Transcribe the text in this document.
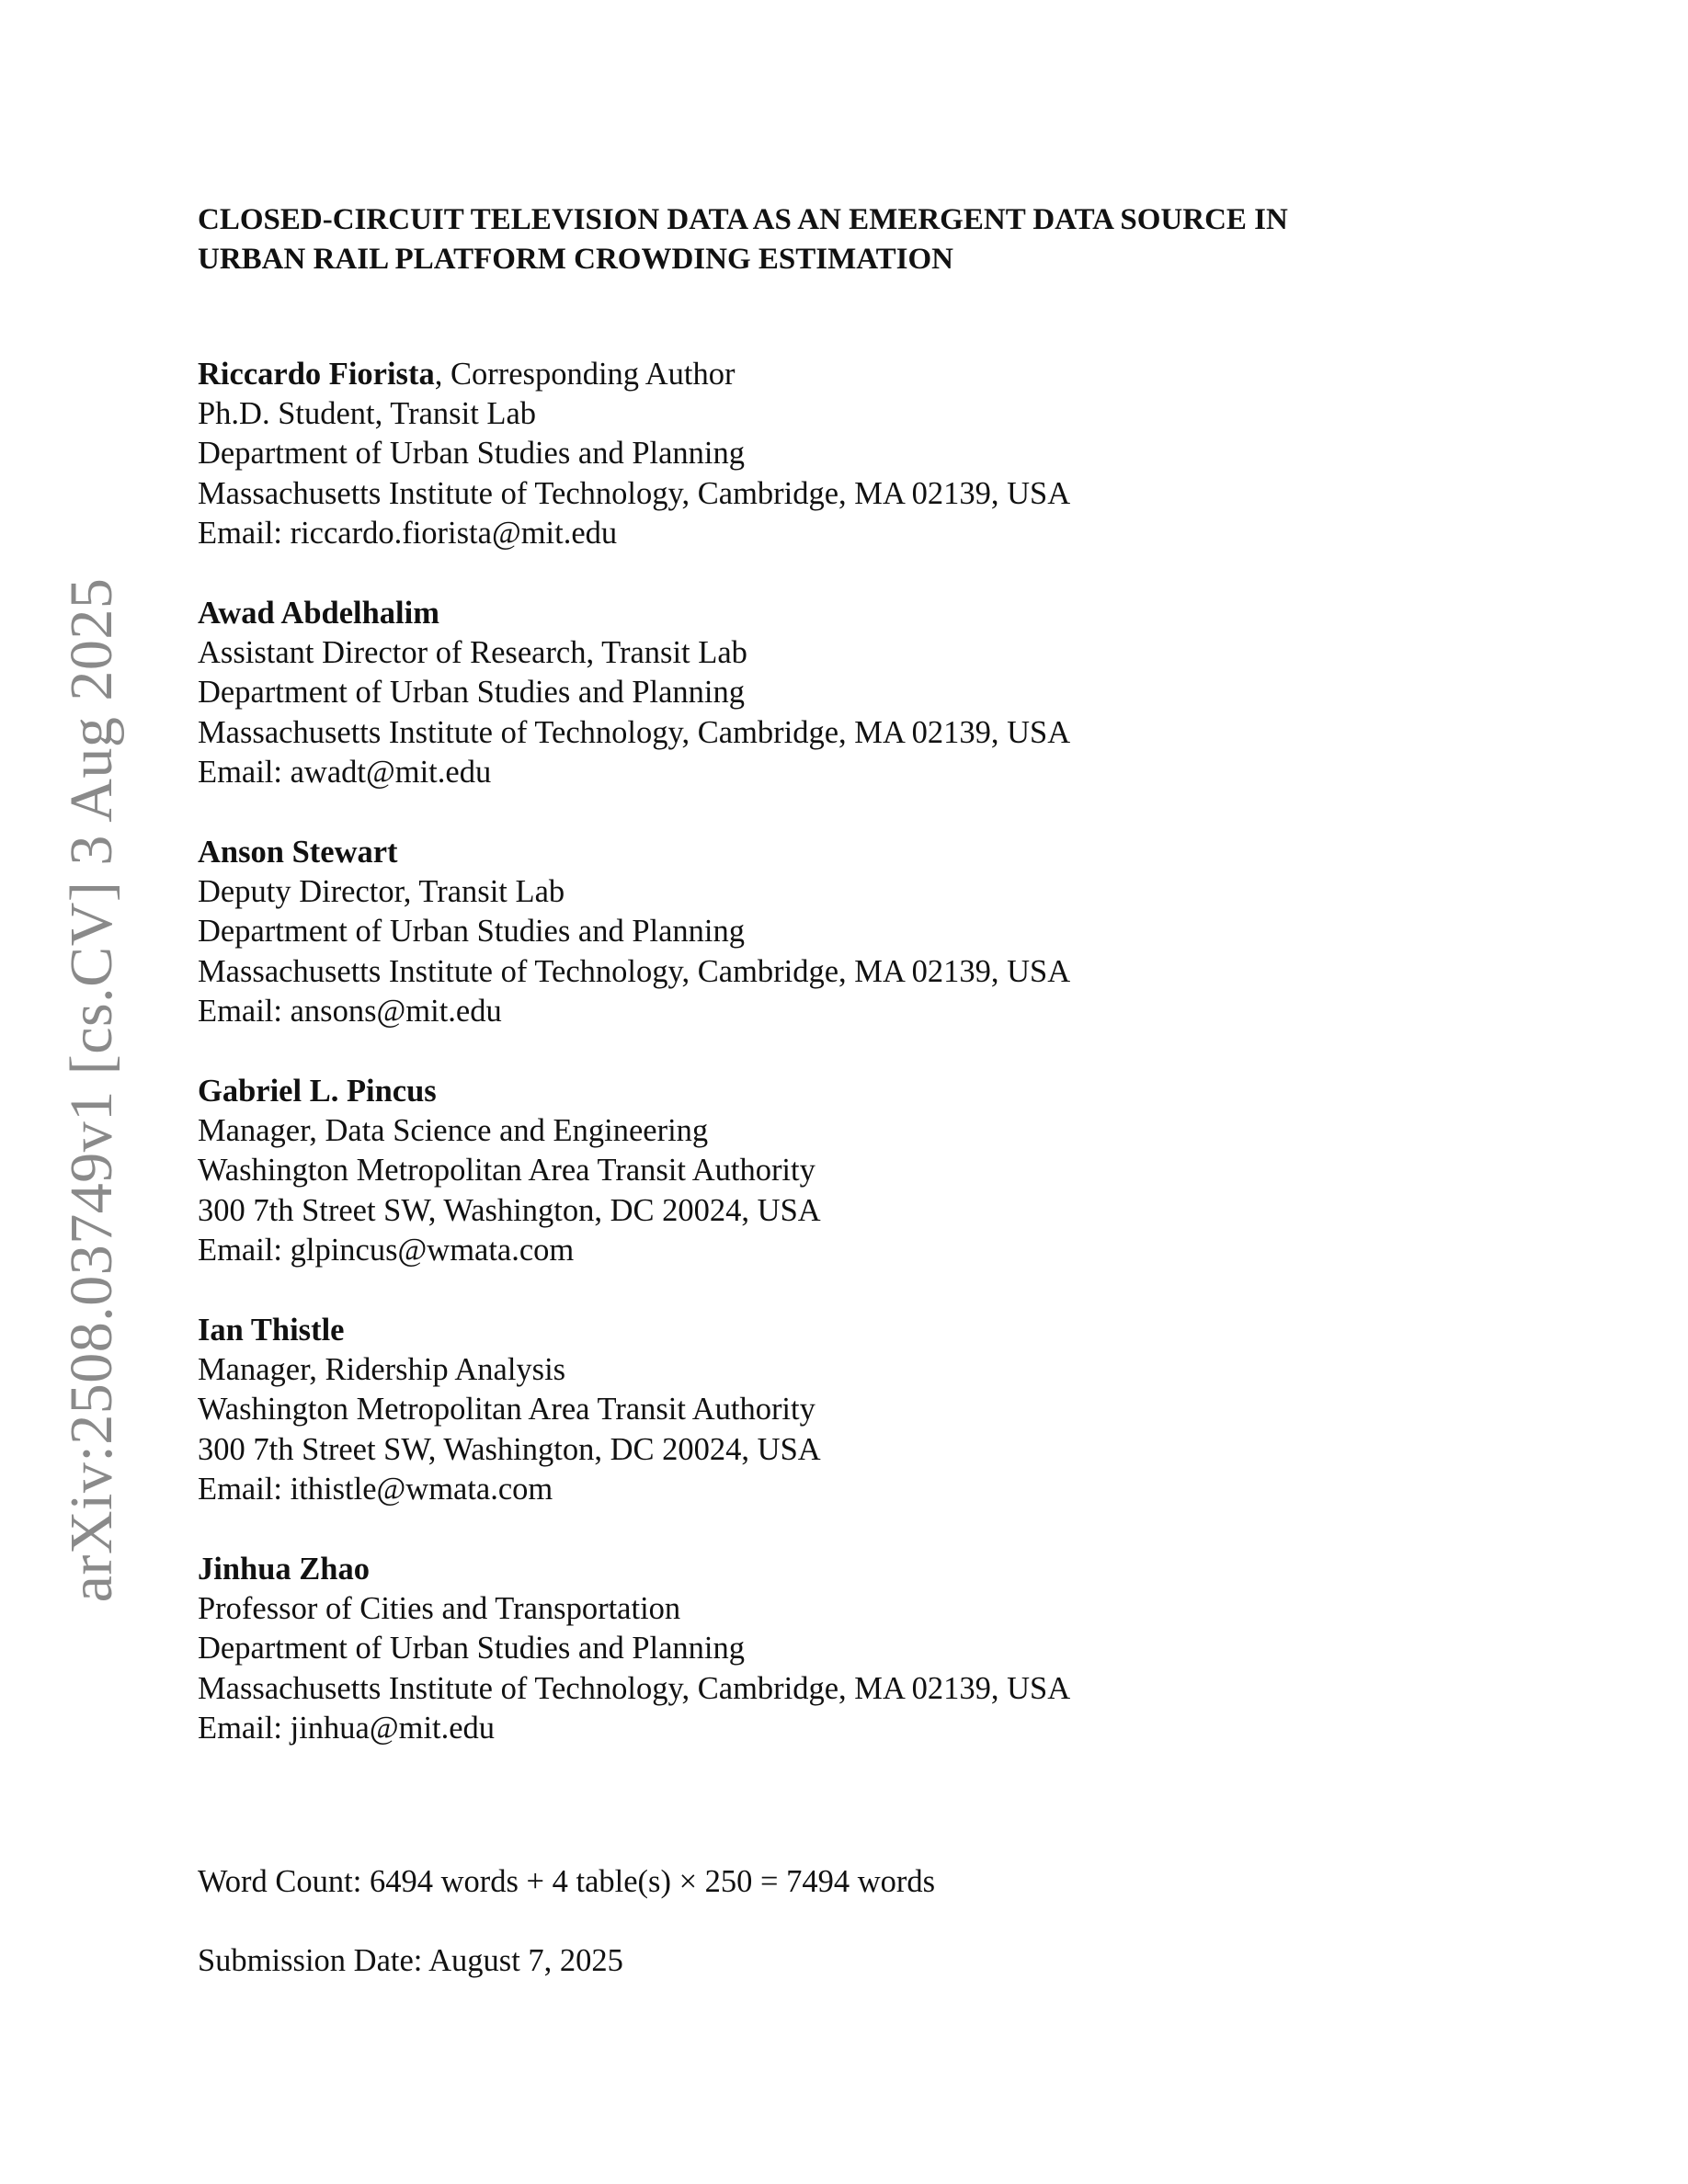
arXiv:2508.03749v1 [cs.CV] 3 Aug 2025
CLOSED-CIRCUIT TELEVISION DATA AS AN EMERGENT DATA SOURCE IN
URBAN RAIL PLATFORM CROWDING ESTIMATION
Riccardo Fiorista, Corresponding Author
Ph.D. Student, Transit Lab
Department of Urban Studies and Planning
Massachusetts Institute of Technology, Cambridge, MA 02139, USA
Email: riccardo.fiorista@mit.edu
Awad Abdelhalim
Assistant Director of Research, Transit Lab
Department of Urban Studies and Planning
Massachusetts Institute of Technology, Cambridge, MA 02139, USA
Email: awadt@mit.edu
Anson Stewart
Deputy Director, Transit Lab
Department of Urban Studies and Planning
Massachusetts Institute of Technology, Cambridge, MA 02139, USA
Email: ansons@mit.edu
Gabriel L. Pincus
Manager, Data Science and Engineering
Washington Metropolitan Area Transit Authority
300 7th Street SW, Washington, DC 20024, USA
Email: glpincus@wmata.com
Ian Thistle
Manager, Ridership Analysis
Washington Metropolitan Area Transit Authority
300 7th Street SW, Washington, DC 20024, USA
Email: ithistle@wmata.com
Jinhua Zhao
Professor of Cities and Transportation
Department of Urban Studies and Planning
Massachusetts Institute of Technology, Cambridge, MA 02139, USA
Email: jinhua@mit.edu
Word Count: 6494 words + 4 table(s) × 250 = 7494 words
Submission Date: August 7, 2025
